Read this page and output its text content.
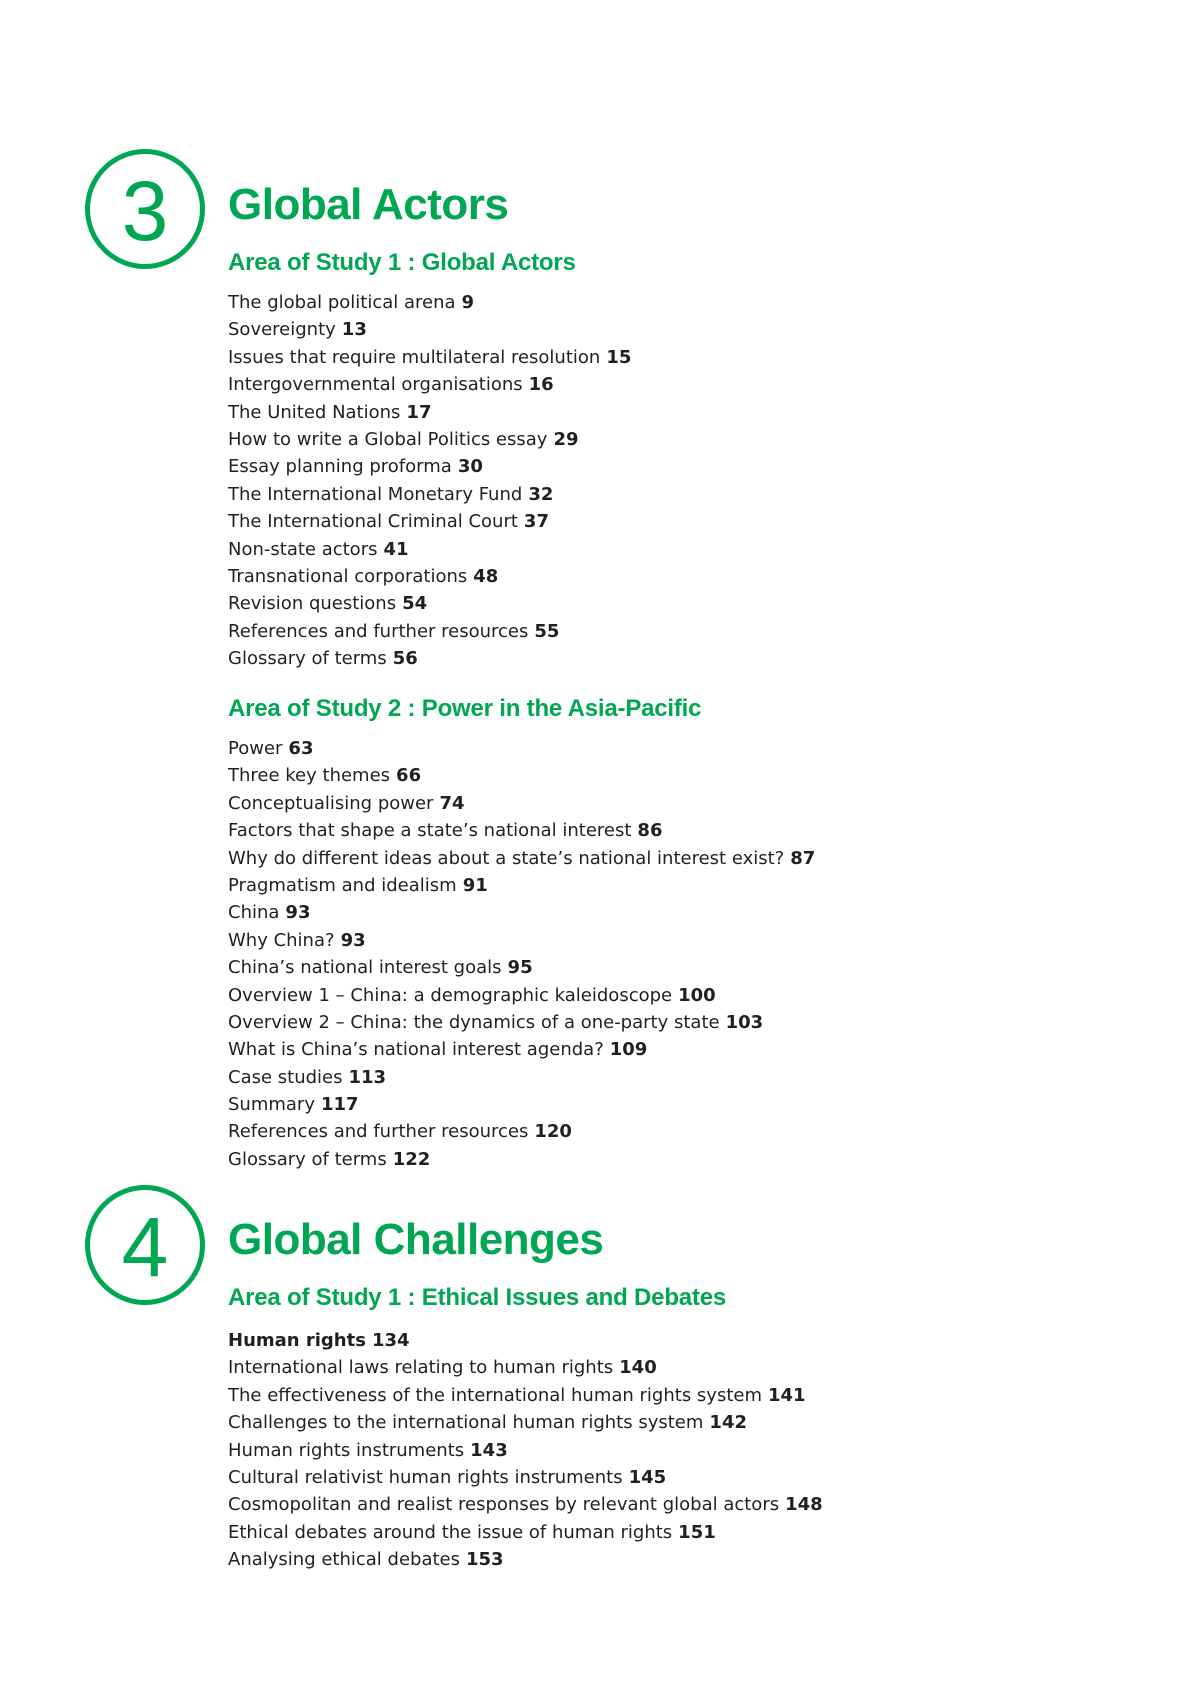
3 Global Actors
Area of Study 1 : Global Actors
The global political arena 9
Sovereignty 13
Issues that require multilateral resolution 15
Intergovernmental organisations 16
The United Nations 17
How to write a Global Politics essay 29
Essay planning proforma 30
The International Monetary Fund 32
The International Criminal Court 37
Non-state actors 41
Transnational corporations 48
Revision questions 54
References and further resources 55
Glossary of terms 56
Area of Study 2 : Power in the Asia-Pacific
Power 63
Three key themes 66
Conceptualising power 74
Factors that shape a state’s national interest 86
Why do different ideas about a state’s national interest exist? 87
Pragmatism and idealism 91
China 93
Why China? 93
China’s national interest goals 95
Overview 1 – China: a demographic kaleidoscope 100
Overview 2 – China: the dynamics of a one-party state 103
What is China’s national interest agenda? 109
Case studies 113
Summary 117
References and further resources 120
Glossary of terms 122
4 Global Challenges
Area of Study 1 : Ethical Issues and Debates
Human rights 134
International laws relating to human rights 140
The effectiveness of the international human rights system 141
Challenges to the international human rights system 142
Human rights instruments 143
Cultural relativist human rights instruments 145
Cosmopolitan and realist responses by relevant global actors 148
Ethical debates around the issue of human rights 151
Analysing ethical debates 153
